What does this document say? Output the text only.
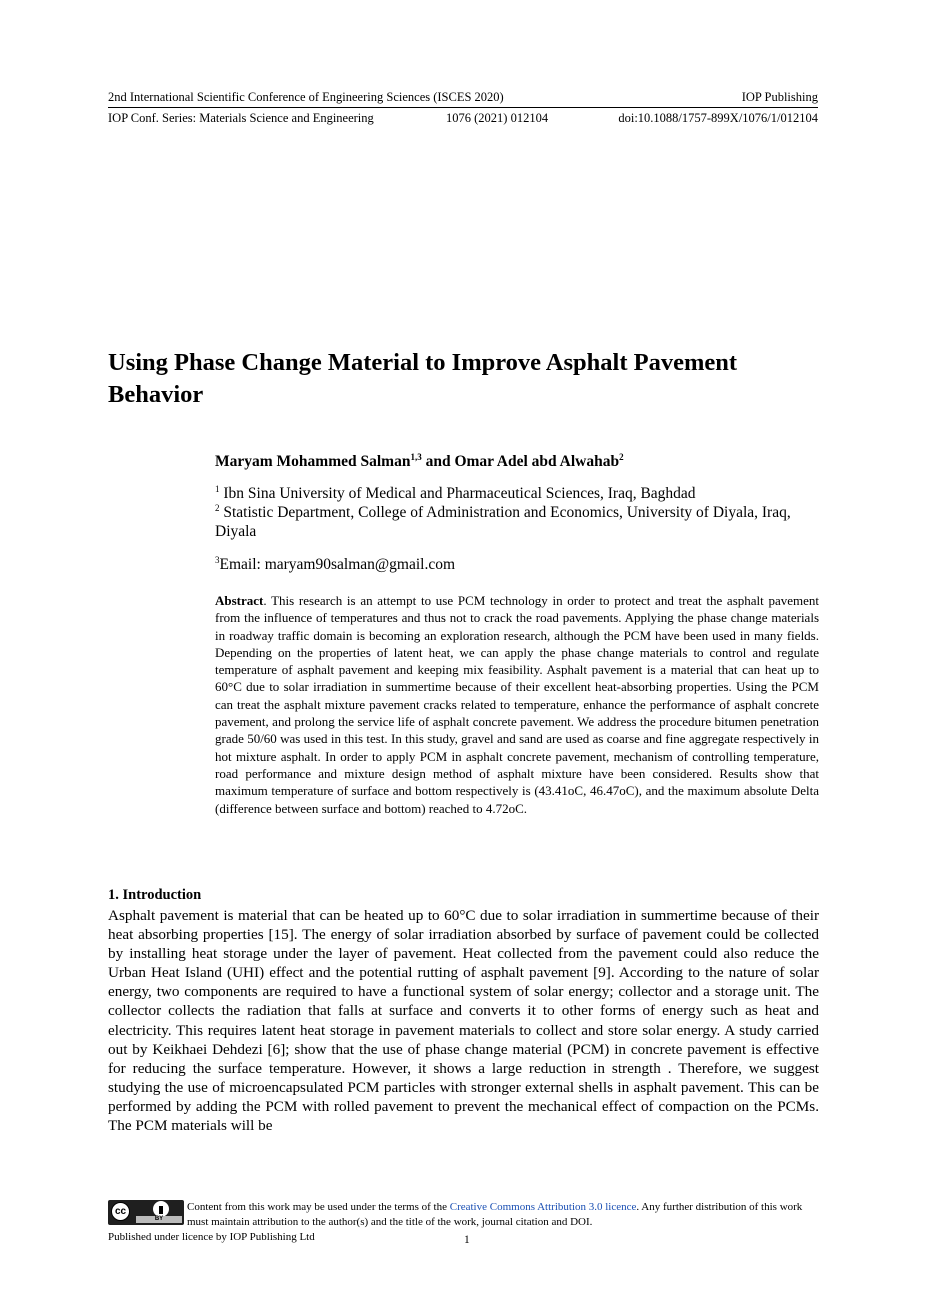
2nd International Scientific Conference of Engineering Sciences (ISCES 2020)	IOP Publishing
IOP Conf. Series: Materials Science and Engineering	1076 (2021) 012104	doi:10.1088/1757-899X/1076/1/012104
Using Phase Change Material to Improve Asphalt Pavement Behavior
Maryam Mohammed Salman$^{1,3}$ and Omar Adel abd Alwahab$^2$
$^1$ Ibn Sina University of Medical and Pharmaceutical Sciences, Iraq, Baghdad
$^2$ Statistic Department, College of Administration and Economics, University of Diyala, Iraq, Diyala
$^3$Email: maryam90salman@gmail.com

Abstract. This research is an attempt to use PCM technology in order to protect and treat the asphalt pavement from the influence of temperatures and thus not to crack the road pavements. Applying the phase change materials in roadway traffic domain is becoming an exploration research, although the PCM have been used in many fields. Depending on the properties of latent heat, we can apply the phase change materials to control and regulate temperature of asphalt pavement and keeping mix feasibility. Asphalt pavement is a material that can heat up to 60°C due to solar irradiation in summertime because of their excellent heat-absorbing properties. Using the PCM can treat the asphalt mixture pavement cracks related to temperature, enhance the performance of asphalt concrete pavement, and prolong the service life of asphalt concrete pavement. We address the procedure bitumen penetration grade 50/60 was used in this test. In this study, gravel and sand are used as coarse and fine aggregate respectively in hot mixture asphalt. In order to apply PCM in asphalt concrete pavement, mechanism of controlling temperature, road performance and mixture design method of asphalt mixture have been considered. Results show that maximum temperature of surface and bottom respectively is (43.41oC, 46.47oC), and the maximum absolute Delta (difference between surface and bottom) reached to 4.72oC.

1. Introduction

Asphalt pavement is material that can be heated up to 60°C due to solar irradiation in summertime because of their heat absorbing properties [15]. The energy of solar irradiation absorbed by surface of pavement could be collected by installing heat storage under the layer of pavement. Heat collected from the pavement could also reduce the Urban Heat Island (UHI) effect and the potential rutting of asphalt pavement [9]. According to the nature of solar energy, two components are required to have a functional system of solar energy; collector and a storage unit. The collector collects the radiation that falls at surface and converts it to other forms of energy such as heat and electricity. This requires latent heat storage in pavement materials to collect and store solar energy. A study carried out by Keikhaei Dehdezi [6]; show that the use of phase change material (PCM) in concrete pavement is effective for reducing the surface temperature. However, it shows a large reduction in strength . Therefore, we suggest studying the use of microencapsulated PCM particles with stronger external shells in asphalt pavement. This can be performed by adding the PCM with rolled pavement to prevent the mechanical effect of compaction on the PCMs. The PCM materials will be

cc
BY
Content from this work may be used under the terms of the Creative Commons Attribution 3.0 licence. Any further distribution of this work must maintain attribution to the author(s) and the title of the work, journal citation and DOI.
Published under licence by IOP Publishing Ltd	1
